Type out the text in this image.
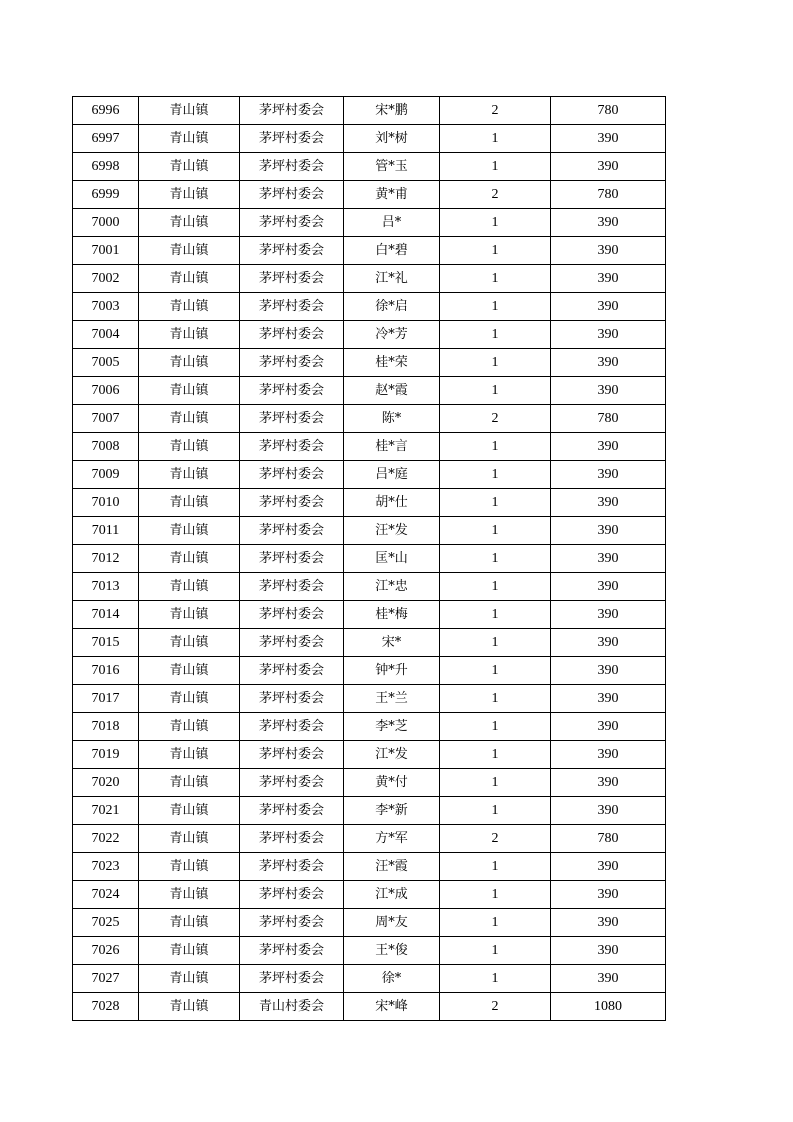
6996	青山镇	茅坪村委会	宋*鹏	2	780
6997	青山镇	茅坪村委会	刘*树	1	390
6998	青山镇	茅坪村委会	管*玉	1	390
6999	青山镇	茅坪村委会	黄*甫	2	780
7000	青山镇	茅坪村委会	吕*	1	390
7001	青山镇	茅坪村委会	白*碧	1	390
7002	青山镇	茅坪村委会	江*礼	1	390
7003	青山镇	茅坪村委会	徐*启	1	390
7004	青山镇	茅坪村委会	冷*芳	1	390
7005	青山镇	茅坪村委会	桂*荣	1	390
7006	青山镇	茅坪村委会	赵*霞	1	390
7007	青山镇	茅坪村委会	陈*	2	780
7008	青山镇	茅坪村委会	桂*言	1	390
7009	青山镇	茅坪村委会	吕*庭	1	390
7010	青山镇	茅坪村委会	胡*仕	1	390
7011	青山镇	茅坪村委会	汪*发	1	390
7012	青山镇	茅坪村委会	匡*山	1	390
7013	青山镇	茅坪村委会	江*忠	1	390
7014	青山镇	茅坪村委会	桂*梅	1	390
7015	青山镇	茅坪村委会	宋*	1	390
7016	青山镇	茅坪村委会	钟*升	1	390
7017	青山镇	茅坪村委会	王*兰	1	390
7018	青山镇	茅坪村委会	李*芝	1	390
7019	青山镇	茅坪村委会	江*发	1	390
7020	青山镇	茅坪村委会	黄*付	1	390
7021	青山镇	茅坪村委会	李*新	1	390
7022	青山镇	茅坪村委会	方*军	2	780
7023	青山镇	茅坪村委会	汪*霞	1	390
7024	青山镇	茅坪村委会	江*成	1	390
7025	青山镇	茅坪村委会	周*友	1	390
7026	青山镇	茅坪村委会	王*俊	1	390
7027	青山镇	茅坪村委会	徐*	1	390
7028	青山镇	青山村委会	宋*峰	2	1080
